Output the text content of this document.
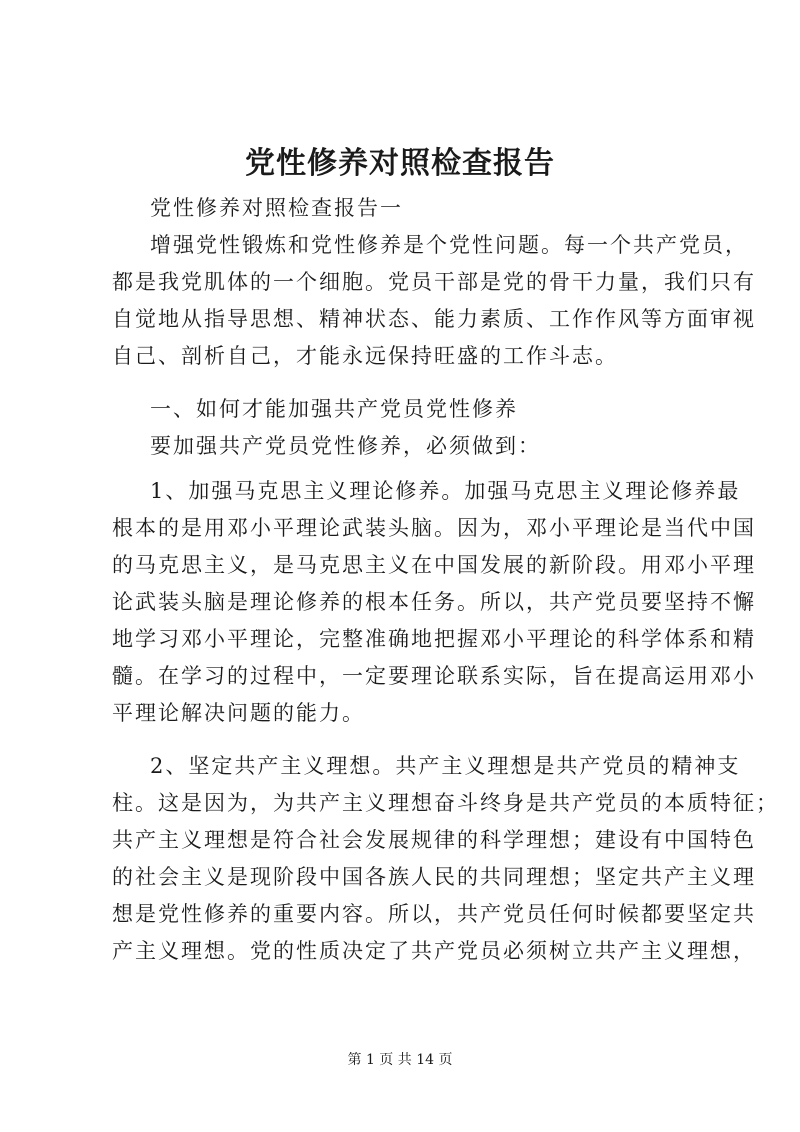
党性修养对照检查报告
党性修养对照检查报告一
增强党性锻炼和党性修养是个党性问题。每一个共产党员，
都是我党肌体的一个细胞。党员干部是党的骨干力量，我们只有
自觉地从指导思想、精神状态、能力素质、工作作风等方面审视
自己、剖析自己，才能永远保持旺盛的工作斗志。
一、如何才能加强共产党员党性修养
要加强共产党员党性修养，必须做到：
1、加强马克思主义理论修养。加强马克思主义理论修养最
根本的是用邓小平理论武装头脑。因为，邓小平理论是当代中国
的马克思主义，是马克思主义在中国发展的新阶段。用邓小平理
论武装头脑是理论修养的根本任务。所以，共产党员要坚持不懈
地学习邓小平理论，完整准确地把握邓小平理论的科学体系和精
髓。在学习的过程中，一定要理论联系实际，旨在提高运用邓小
平理论解决问题的能力。
2、坚定共产主义理想。共产主义理想是共产党员的精神支
柱。这是因为，为共产主义理想奋斗终身是共产党员的本质特征；
共产主义理想是符合社会发展规律的科学理想；建设有中国特色
的社会主义是现阶段中国各族人民的共同理想；坚定共产主义理
想是党性修养的重要内容。所以，共产党员任何时候都要坚定共
产主义理想。党的性质决定了共产党员必须树立共产主义理想，
第 1 页 共 14 页
